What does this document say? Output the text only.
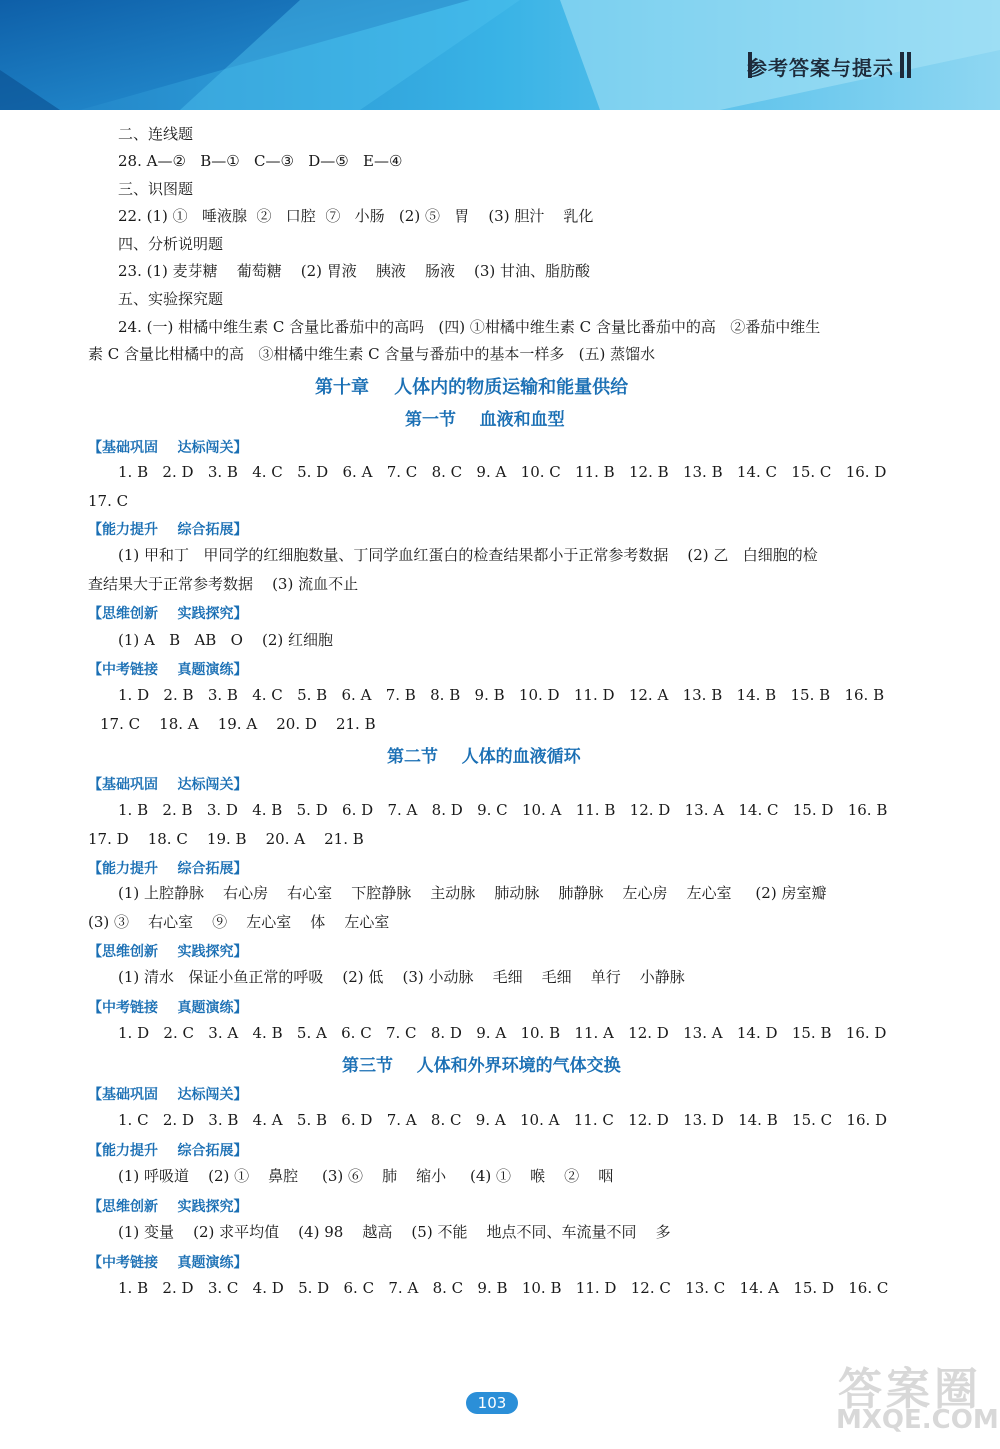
参考答案与提示
二、连线题
28. A—②   B—①   C—③   D—⑤   E—④
三、识图题
22. (1) ①   唾液腺  ②   口腔  ⑦   小肠   (2) ⑤   胃    (3) 胆汁    乳化
四、分析说明题
23. (1) 麦芽糖    葡萄糖    (2) 胃液    胰液    肠液    (3) 甘油、脂肪酸
五、实验探究题
24. (一) 柑橘中维生素 C 含量比番茄中的高吗   (四) ①柑橘中维生素 C 含量比番茄中的高   ②番茄中维生
素 C 含量比柑橘中的高   ③柑橘中维生素 C 含量与番茄中的基本一样多   (五) 蒸馏水
第十章    人体内的物质运输和能量供给
第一节    血液和血型
【基础巩固    达标闯关】
1. B   2. D   3. B   4. C   5. D   6. A   7. C   8. C   9. A   10. C   11. B   12. B   13. B   14. C   15. C   16. D
17. C
【能力提升    综合拓展】
(1) 甲和丁   甲同学的红细胞数量、丁同学血红蛋白的检查结果都小于正常参考数据    (2) 乙   白细胞的检
查结果大于正常参考数据    (3) 流血不止
【思维创新    实践探究】
(1) A   B   AB   O    (2) 红细胞
【中考链接    真题演练】
1. D   2. B   3. B   4. C   5. B   6. A   7. B   8. B   9. B   10. D   11. D   12. A   13. B   14. B   15. B   16. B
17. C    18. A    19. A    20. D    21. B
第二节    人体的血液循环
【基础巩固    达标闯关】
1. B   2. B   3. D   4. B   5. D   6. D   7. A   8. D   9. C   10. A   11. B   12. D   13. A   14. C   15. D   16. B
17. D    18. C    19. B    20. A    21. B
【能力提升    综合拓展】
(1) 上腔静脉    右心房    右心室    下腔静脉    主动脉    肺动脉    肺静脉    左心房    左心室     (2) 房室瓣
(3) ③    右心室    ⑨    左心室    体    左心室
【思维创新    实践探究】
(1) 清水   保证小鱼正常的呼吸    (2) 低    (3) 小动脉    毛细    毛细    单行    小静脉
【中考链接    真题演练】
1. D   2. C   3. A   4. B   5. A   6. C   7. C   8. D   9. A   10. B   11. A   12. D   13. A   14. D   15. B   16. D
第三节    人体和外界环境的气体交换
【基础巩固    达标闯关】
1. C   2. D   3. B   4. A   5. B   6. D   7. A   8. C   9. A   10. A   11. C   12. D   13. D   14. B   15. C   16. D
【能力提升    综合拓展】
(1) 呼吸道    (2) ①    鼻腔     (3) ⑥    肺    缩小     (4) ①    喉    ②    咽
【思维创新    实践探究】
(1) 变量    (2) 求平均值    (4) 98    越高    (5) 不能    地点不同、车流量不同    多
【中考链接    真题演练】
1. B   2. D   3. C   4. D   5. D   6. C   7. A   8. C   9. B   10. B   11. D   12. C   13. C   14. A   15. D   16. C
103	答案圈
MXQE.COM
